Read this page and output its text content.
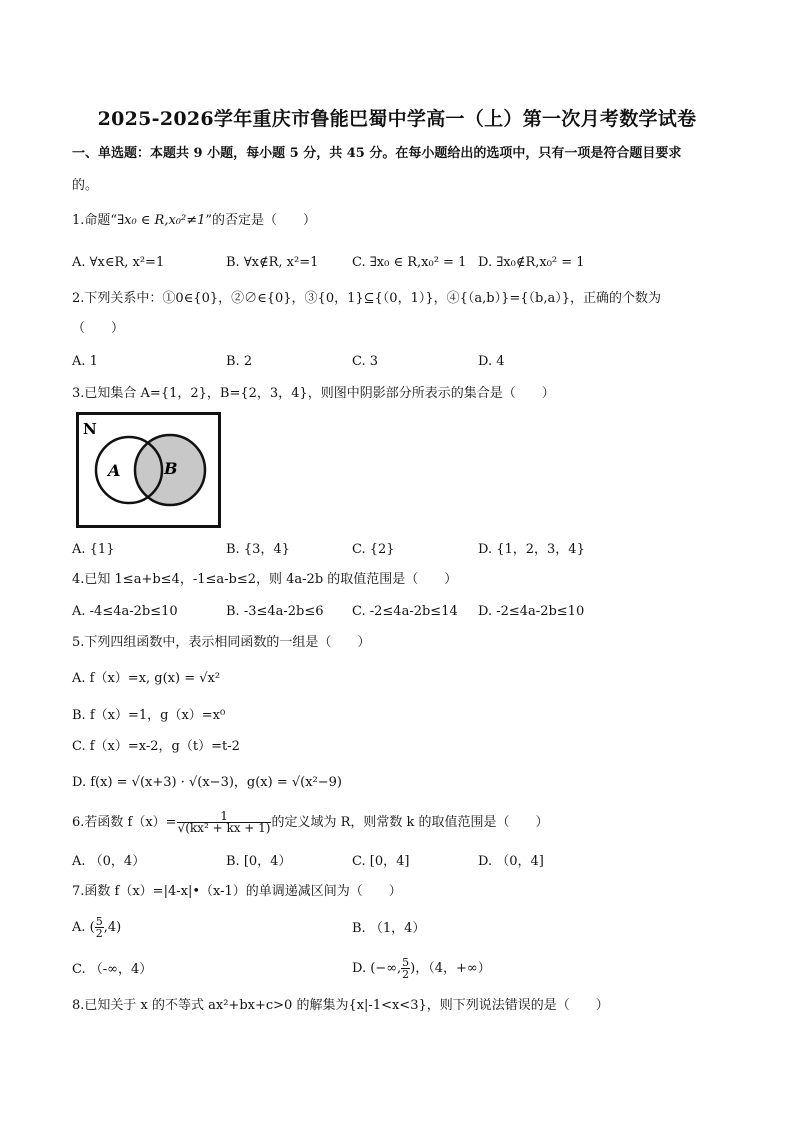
2025-2026学年重庆市鲁能巴蜀中学高一（上）第一次月考数学试卷
一、单选题：本题共 9 小题，每小题 5 分，共 45 分。在每小题给出的选项中，只有一项是符合题目要求
的。
1.命题“∃x₀ ∈ R,x₀²≠1”的否定是（　　）
A. ∀x∈R, x²=1	B. ∀x∉R, x²=1	C. ∃x₀ ∈ R,x₀² = 1 D. ∃x₀∉R,x₀² = 1
2.下列关系中：①0∈{0}，②∅∈{0}，③{0，1}⊆{（0，1）}，④{（a,b）}={（b,a）}，正确的个数为
（　　）
A. 1	B. 2	C. 3	D. 4
3.已知集合 A={1，2}，B={2，3，4}，则图中阴影部分所表示的集合是（　　）
N
A	B
A. {1}	B. {3，4}	C. {2}	D. {1，2，3，4}
4.已知 1≤a+b≤4，-1≤a-b≤2，则 4a-2b 的取值范围是（　　）
A. -4≤4a-2b≤10	B. -3≤4a-2b≤6 C. -2≤4a-2b≤14 D. -2≤4a-2b≤10
5.下列四组函数中，表示相同函数的一组是（　　）
A. f（x）=x, g(x) = √x²
B. f（x）=1，g（x）=x⁰
C. f（x）=x-2，g（t）=t-2
D. f(x) = √(x+3) · √(x−3)，g(x) = √(x²−9)
6.若函数 $f(x)= \frac{1}{\text{√(kx² + kx + 1)}}$ 的定义域为 R，则常数 k 的取值范围是（　　）
A. （0，4）	B. [0，4）	C. [0，4]	D. （0，4]
7.函数 f（x）=|4-x|•（x-1）的单调递减区间为（　　）
A. ( $\frac{5}{2} ,4$)	B. （1，4）
C. （-∞，4）	D. (−∞, $\frac{5}{2}$ )，（4，+∞）
8.已知关于 x 的不等式 ax²+bx+c>0 的解集为{x|-1<x<3}，则下列说法错误的是（　　）
